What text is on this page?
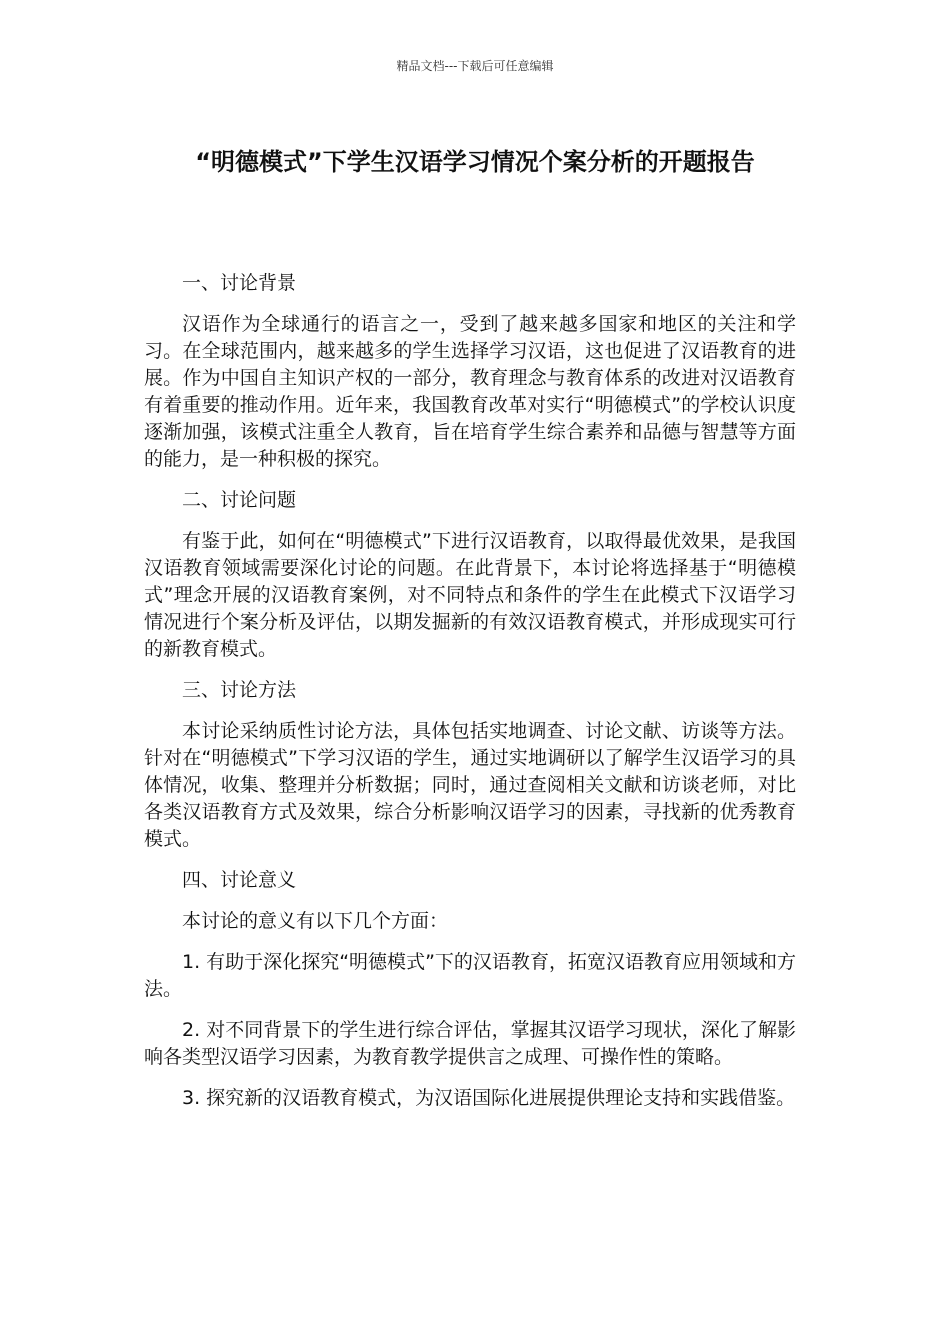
精品文档---下载后可任意编辑
“明德模式”下学生汉语学习情况个案分析的开题报告
一、讨论背景

汉语作为全球通行的语言之一，受到了越来越多国家和地区的关注和学习。在全球范围内，越来越多的学生选择学习汉语，这也促进了汉语教育的进展。作为中国自主知识产权的一部分，教育理念与教育体系的改进对汉语教育有着重要的推动作用。近年来，我国教育改革对实行“明德模式”的学校认识度逐渐加强，该模式注重全人教育，旨在培育学生综合素养和品德与智慧等方面的能力，是一种积极的探究。

二、讨论问题

有鉴于此，如何在“明德模式”下进行汉语教育，以取得最优效果，是我国汉语教育领域需要深化讨论的问题。在此背景下，本讨论将选择基于“明德模式”理念开展的汉语教育案例，对不同特点和条件的学生在此模式下汉语学习情况进行个案分析及评估，以期发掘新的有效汉语教育模式，并形成现实可行的新教育模式。

三、讨论方法

本讨论采纳质性讨论方法，具体包括实地调查、讨论文献、访谈等方法。针对在“明德模式”下学习汉语的学生，通过实地调研以了解学生汉语学习的具体情况，收集、整理并分析数据；同时，通过查阅相关文献和访谈老师，对比各类汉语教育方式及效果，综合分析影响汉语学习的因素，寻找新的优秀教育模式。

四、讨论意义

本讨论的意义有以下几个方面：

1. 有助于深化探究“明德模式”下的汉语教育，拓宽汉语教育应用领域和方法。

2. 对不同背景下的学生进行综合评估，掌握其汉语学习现状，深化了解影响各类型汉语学习因素，为教育教学提供言之成理、可操作性的策略。

3. 探究新的汉语教育模式，为汉语国际化进展提供理论支持和实践借鉴。
